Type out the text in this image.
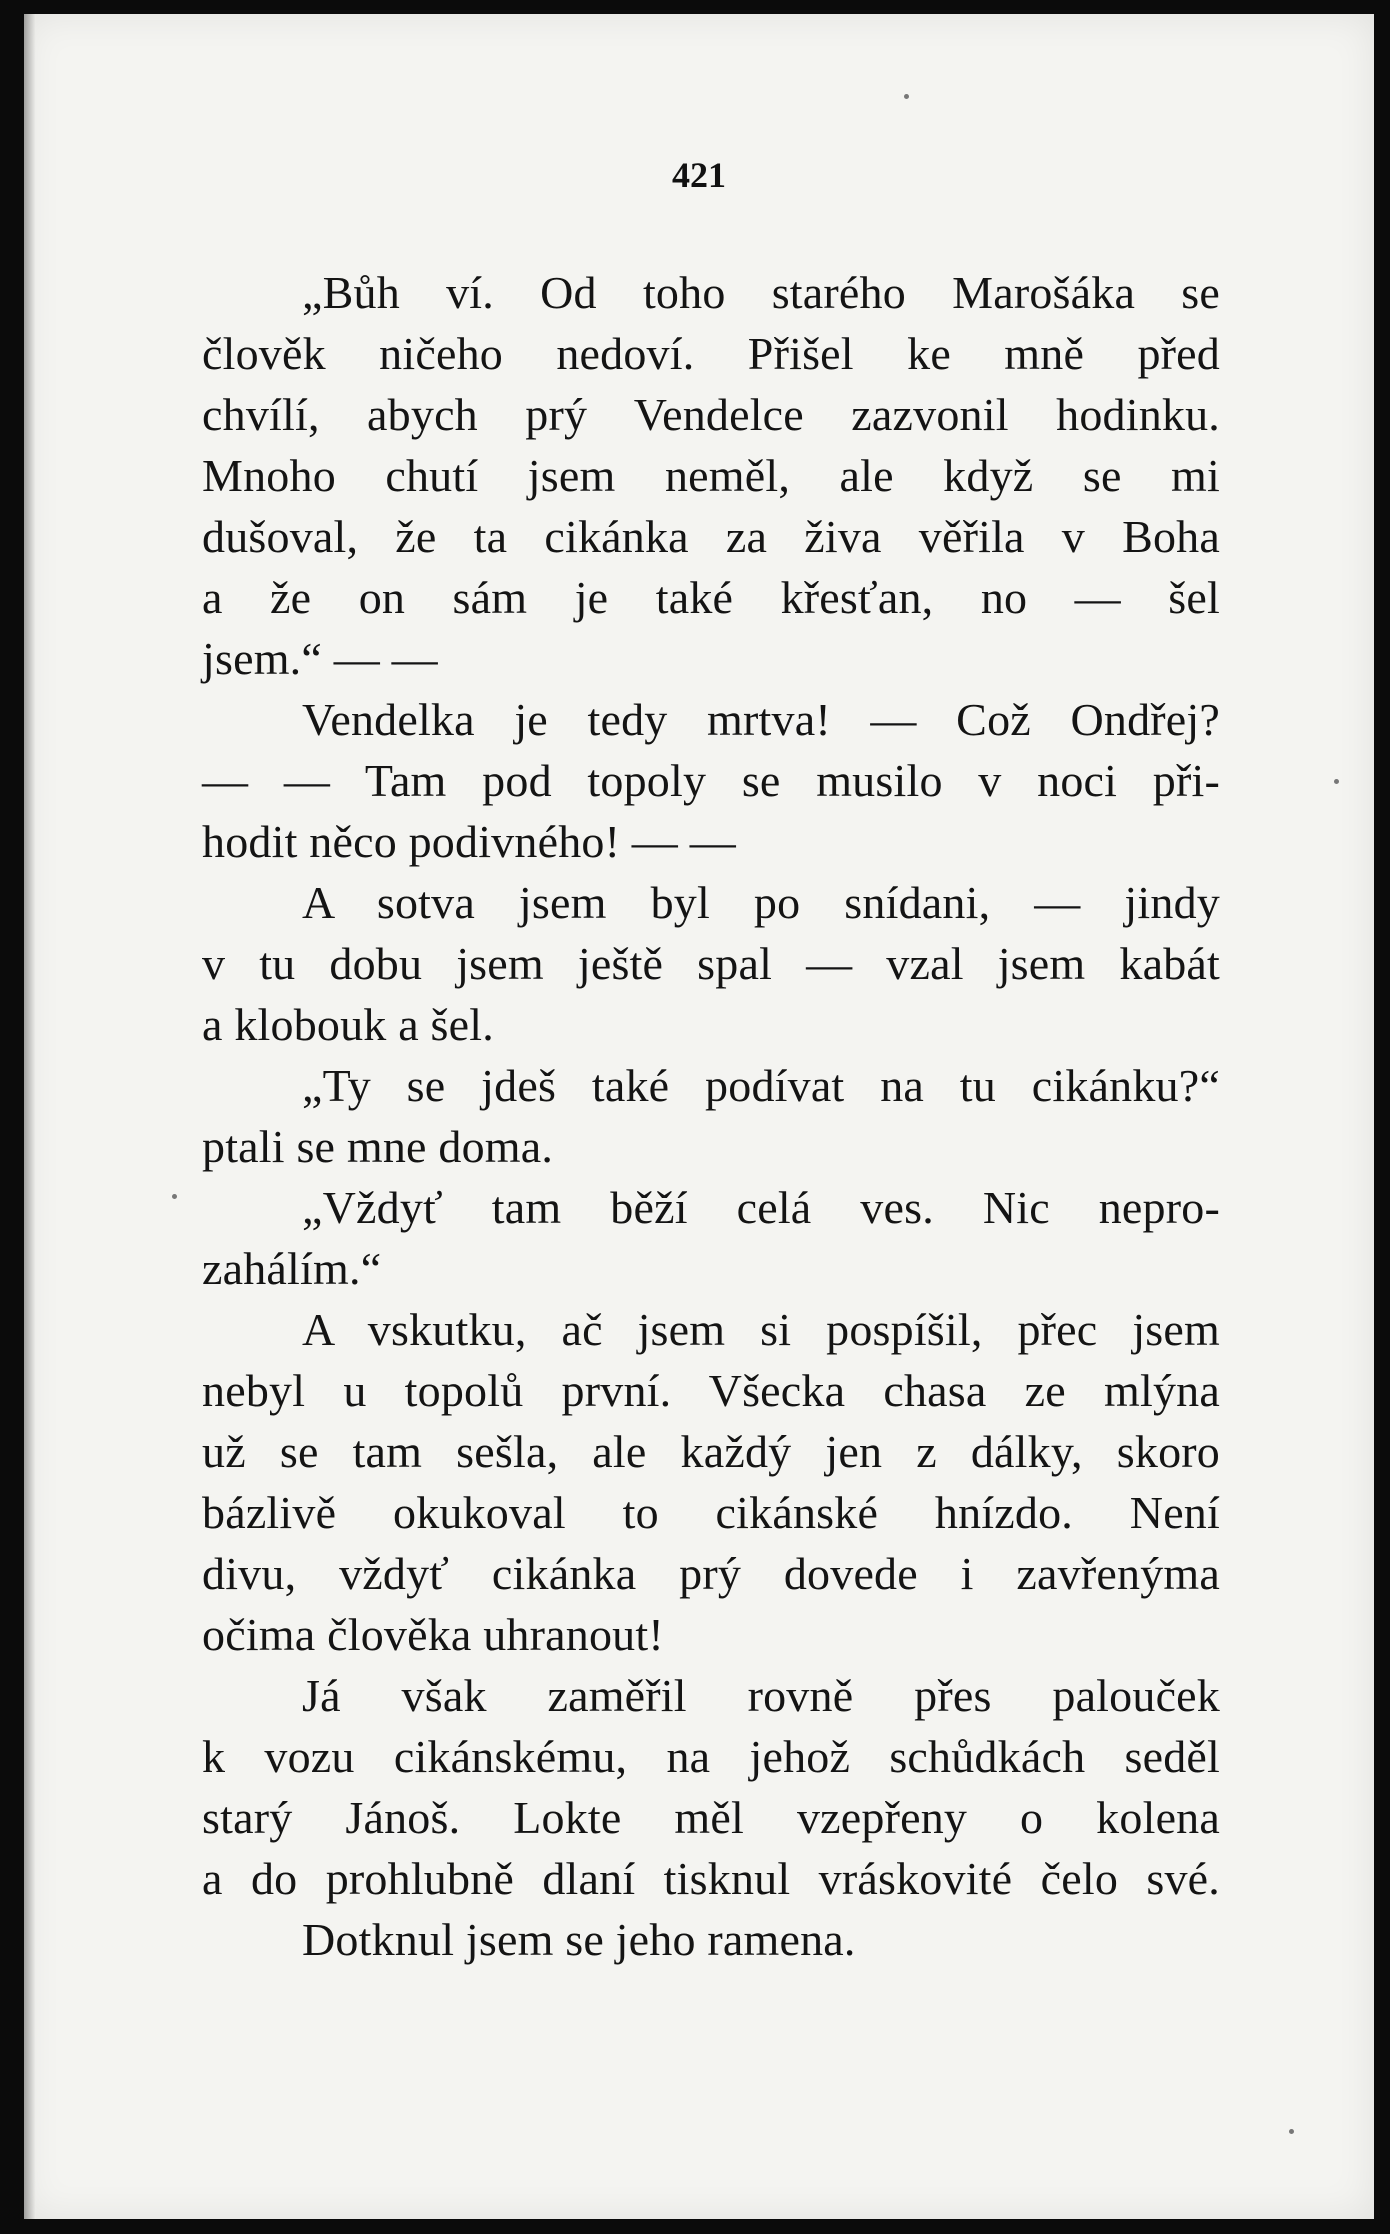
421
„Bůh ví. Od toho starého Marošáka se
člověk ničeho nedoví. Přišel ke mně před
chvílí, abych prý Vendelce zazvonil hodinku.
Mnoho chutí jsem neměl, ale když se mi
dušoval, že ta cikánka za živa věřila v Boha
a že on sám je také křesťan, no — šel
jsem.“ — —
Vendelka je tedy mrtva! — Což Ondřej?
— — Tam pod topoly se musilo v noci při-
hodit něco podivného! — —
A sotva jsem byl po snídani, — jindy
v tu dobu jsem ještě spal — vzal jsem kabát
a klobouk a šel.
„Ty se jdeš také podívat na tu cikánku?“
ptali se mne doma.
„Vždyť tam běží celá ves. Nic nepro-
zahálím.“
A vskutku, ač jsem si pospíšil, přec jsem
nebyl u topolů první. Všecka chasa ze mlýna
už se tam sešla, ale každý jen z dálky, skoro
bázlivě okukoval to cikánské hnízdo. Není
divu, vždyť cikánka prý dovede i zavřenýma
očima člověka uhranout!
Já však zaměřil rovně přes palouček
k vozu cikánskému, na jehož schůdkách seděl
starý Jánoš. Lokte měl vzepřeny o kolena
a do prohlubně dlaní tisknul vráskovité čelo své.
Dotknul jsem se jeho ramena.
